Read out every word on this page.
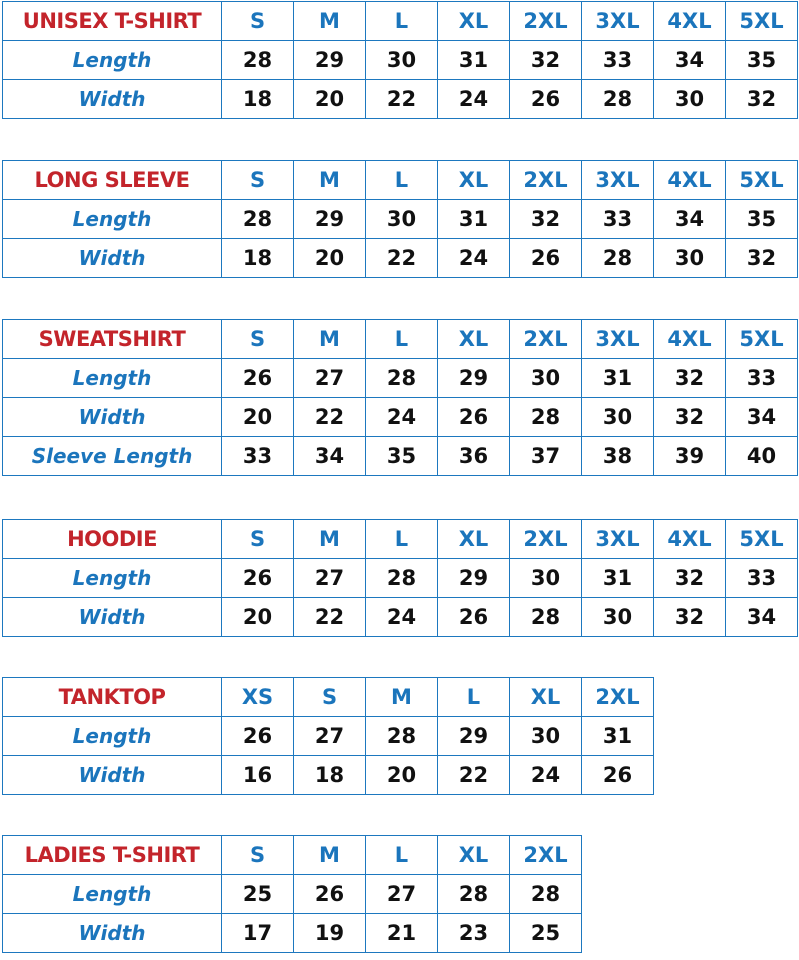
UNISEX T-SHIRT	S	M	L	XL	2XL	3XL	4XL	5XL
Length	28	29	30	31	32	33	34	35
Width	18	20	22	24	26	28	30	32
LONG SLEEVE	S	M	L	XL	2XL	3XL	4XL	5XL
Length	28	29	30	31	32	33	34	35
Width	18	20	22	24	26	28	30	32
SWEATSHIRT	S	M	L	XL	2XL	3XL	4XL	5XL
Length	26	27	28	29	30	31	32	33
Width	20	22	24	26	28	30	32	34
Sleeve Length	33	34	35	36	37	38	39	40
HOODIE	S	M	L	XL	2XL	3XL	4XL	5XL
Length	26	27	28	29	30	31	32	33
Width	20	22	24	26	28	30	32	34
TANKTOP	XS	S	M	L	XL	2XL
Length	26	27	28	29	30	31
Width	16	18	20	22	24	26
LADIES T-SHIRT	S	M	L	XL	2XL
Length	25	26	27	28	28
Width	17	19	21	23	25
